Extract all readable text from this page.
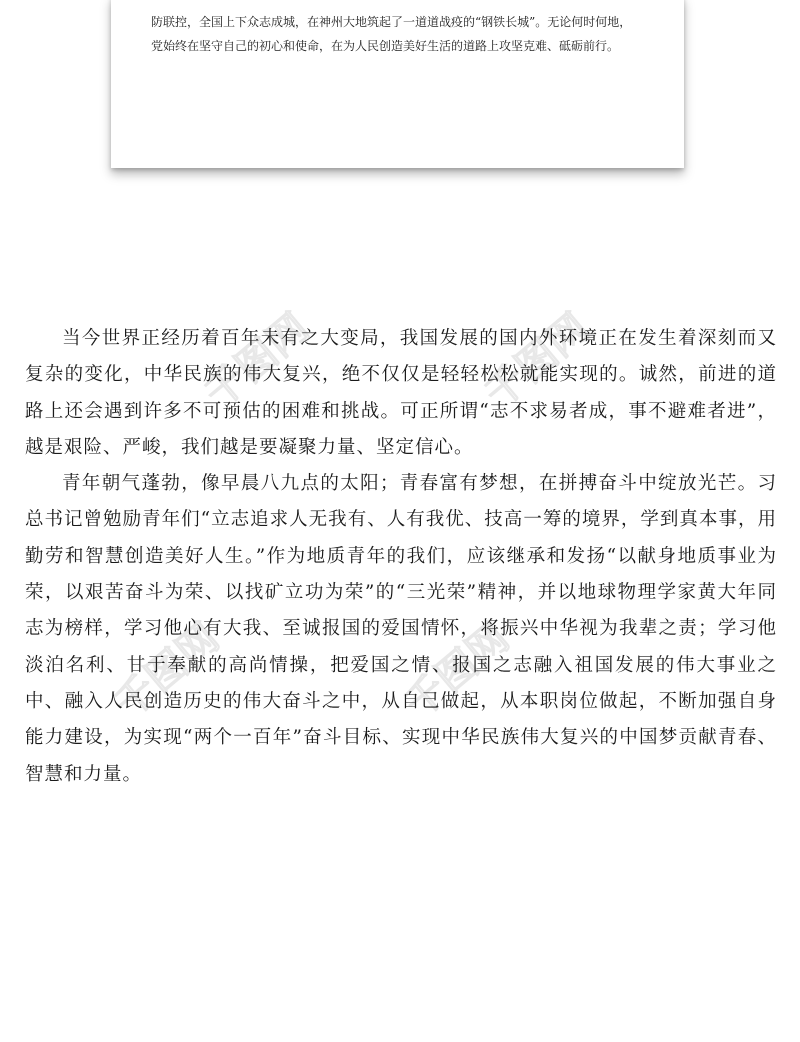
防联控，全国上下众志成城，在神州大地筑起了一道道战疫的“钢铁长城”。无论何时何地，

党始终在坚守自己的初心和使命，在为人民创造美好生活的道路上攻坚克难、砥砺前行。

千图网	千图网
千图网	千图网

当今世界正经历着百年未有之大变局，我国发展的国内外环境正在发生着深刻而又复杂的变化，中华民族的伟大复兴，绝不仅仅是轻轻松松就能实现的。诚然，前进的道路上还会遇到许多不可预估的困难和挑战。可正所谓“志不求易者成，事不避难者进”，越是艰险、严峻，我们越是要凝聚力量、坚定信心。

青年朝气蓬勃，像早晨八九点的太阳；青春富有梦想，在拼搏奋斗中绽放光芒。习总书记曾勉励青年们“立志追求人无我有、人有我优、技高一筹的境界，学到真本事，用勤劳和智慧创造美好人生。”作为地质青年的我们，应该继承和发扬“以献身地质事业为荣，以艰苦奋斗为荣、以找矿立功为荣”的“三光荣”精神，并以地球物理学家黄大年同志为榜样，学习他心有大我、至诚报国的爱国情怀，将振兴中华视为我辈之责；学习他淡泊名利、甘于奉献的高尚情操，把爱国之情、报国之志融入祖国发展的伟大事业之中、融入人民创造历史的伟大奋斗之中，从自己做起，从本职岗位做起，不断加强自身能力建设，为实现“两个一百年”奋斗目标、实现中华民族伟大复兴的中国梦贡献青春、智慧和力量。
